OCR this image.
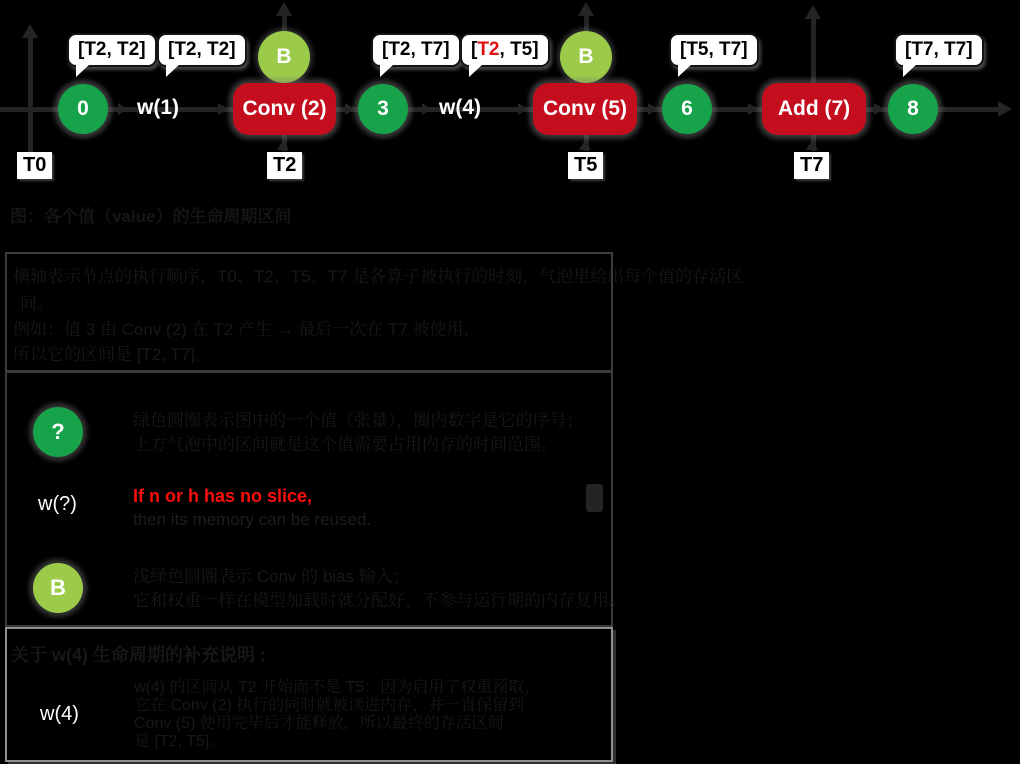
B	B
Conv (2)	Conv (5)	Add (7)
0	3	6	8
w(1)	w(4)
[T2, T2]	[T2, T2]	[T2, T7]	[T2, T5]	[T5, T7]	[T7, T7]
T0	T2	T5	T7
图：各个值（value）的生命周期区间
横轴表示节点的执行顺序，T0、T2、T5、T7 是各算子被执行的时刻，气泡里给出每个值的存活区
间。
例如：值 3 由 Conv (2) 在 T2 产生 → 最后一次在 T7 被使用，
所以它的区间是 [T2, T7]。
?	绿色圆圈表示图中的一个值（张量），圈内数字是它的序号；
上方气泡中的区间就是这个值需要占用内存的时间范围。
w(?)	If n or h has no slice,
then its memory can be reused.
B	浅绿色圆圈表示 Conv 的 bias 输入；
它和权重一样在模型加载时就分配好，不参与运行期的内存复用。
关于 w(4) 生命周期的补充说明 :
w(4)
w(4) 的区间从 T2 开始而不是 T5：因为启用了权重预取，
它在 Conv (2) 执行的同时就被读进内存，并一直保留到
Conv (5) 使用完毕后才能释放，所以最终的存活区间
是 [T2, T5]。
